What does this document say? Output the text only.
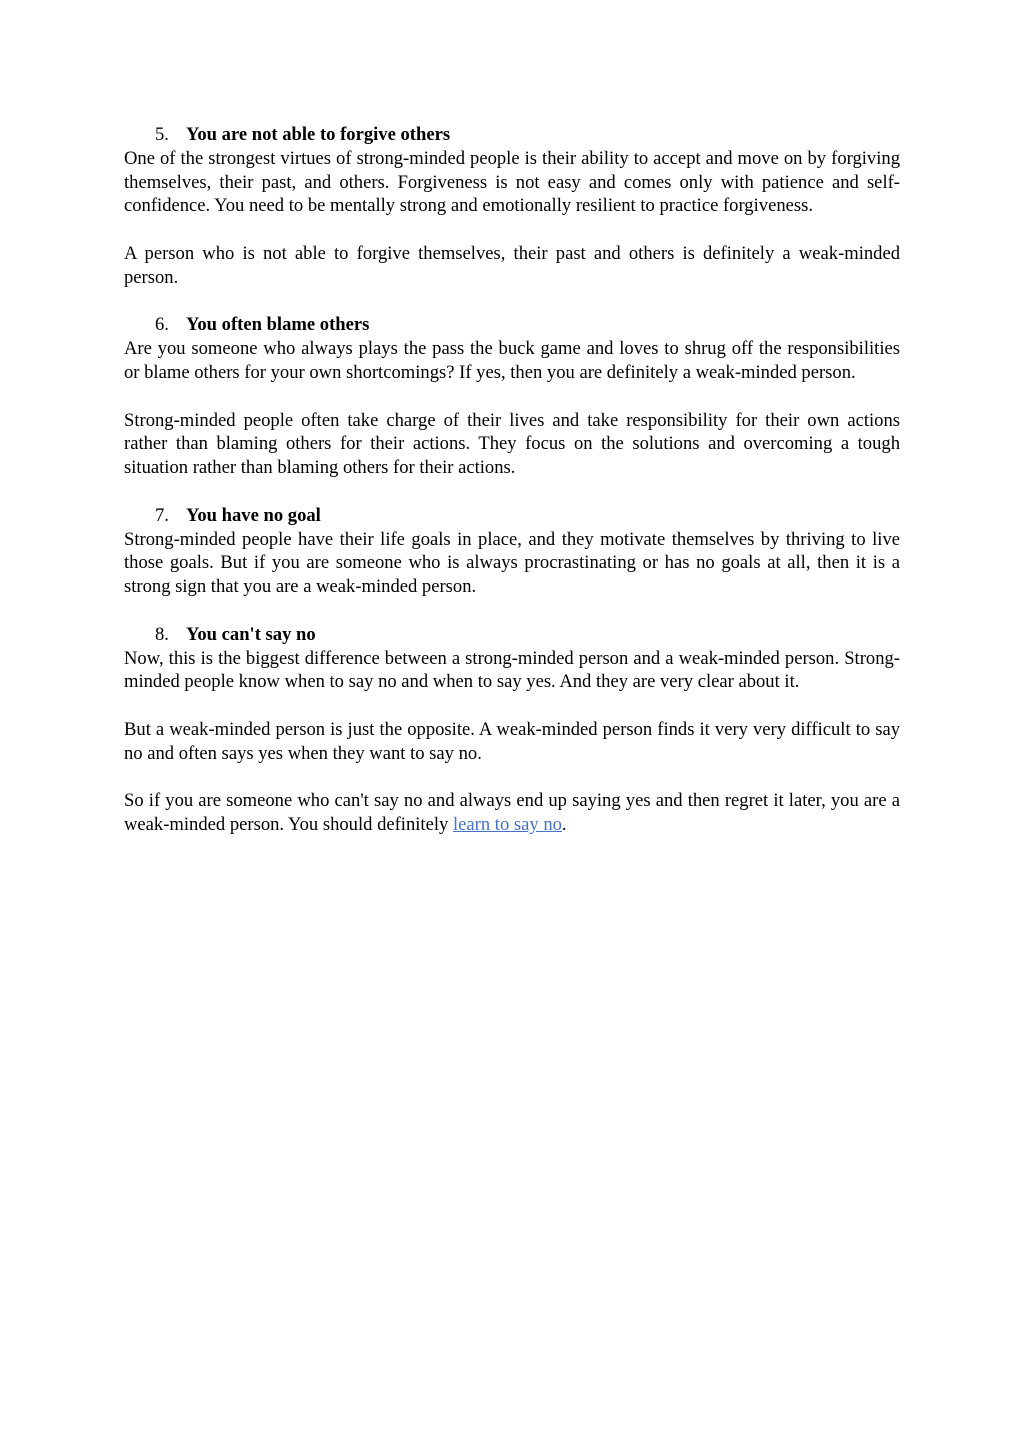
5. You are not able to forgive others

One of the strongest virtues of strong-minded people is their ability to accept and move on by forgiving themselves, their past, and others. Forgiveness is not easy and comes only with patience and self-confidence. You need to be mentally strong and emotionally resilient to practice forgiveness.

A person who is not able to forgive themselves, their past and others is definitely a weak-minded person.

6. You often blame others

Are you someone who always plays the pass the buck game and loves to shrug off the responsibilities or blame others for your own shortcomings? If yes, then you are definitely a weak-minded person.

Strong-minded people often take charge of their lives and take responsibility for their own actions rather than blaming others for their actions. They focus on the solutions and overcoming a tough situation rather than blaming others for their actions.

7. You have no goal

Strong-minded people have their life goals in place, and they motivate themselves by thriving to live those goals. But if you are someone who is always procrastinating or has no goals at all, then it is a strong sign that you are a weak-minded person.

8. You can't say no

Now, this is the biggest difference between a strong-minded person and a weak-minded person. Strong-minded people know when to say no and when to say yes. And they are very clear about it.

But a weak-minded person is just the opposite. A weak-minded person finds it very very difficult to say no and often says yes when they want to say no.

So if you are someone who can't say no and always end up saying yes and then regret it later, you are a weak-minded person. You should definitely learn to say no.
